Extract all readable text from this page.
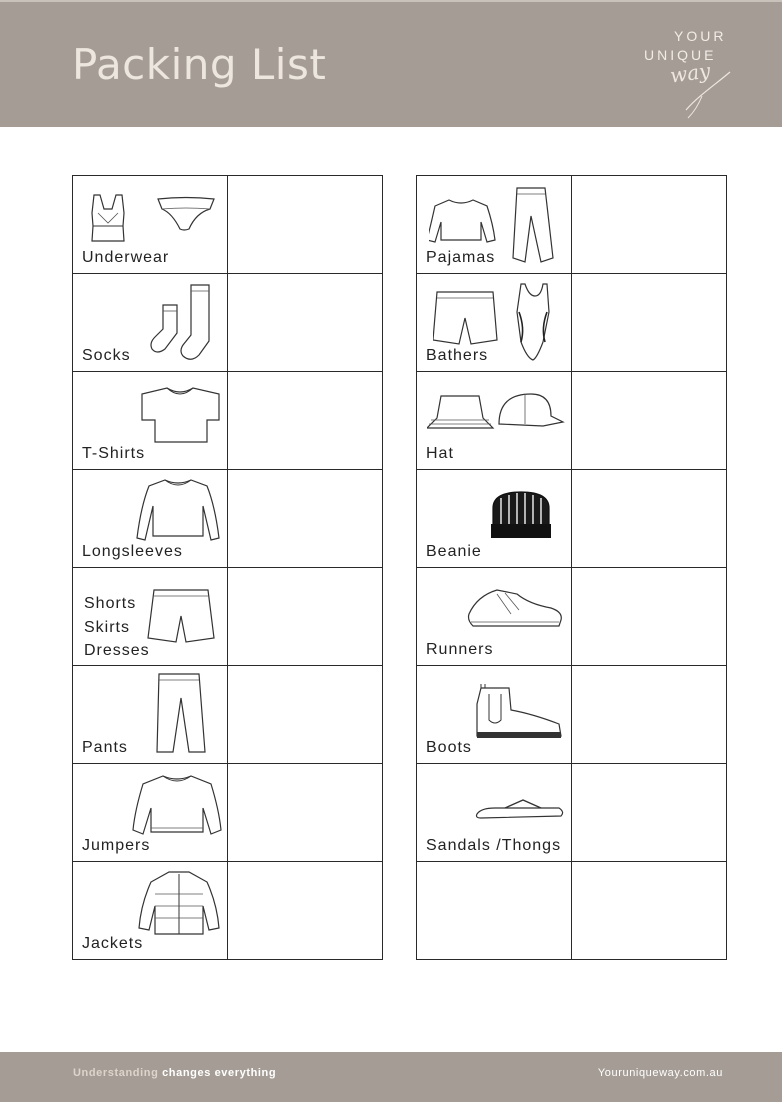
Packing List
YOUR
UNIQUE
way
Underwear
Socks
T-Shirts
Longsleeves
Shorts
Skirts
Dresses
Pants
Jumpers
Jackets
Pajamas
Bathers
Hat
Beanie
Runners
Boots
Sandals /Thongs
Understanding changes everything	Youruniqueway.com.au
